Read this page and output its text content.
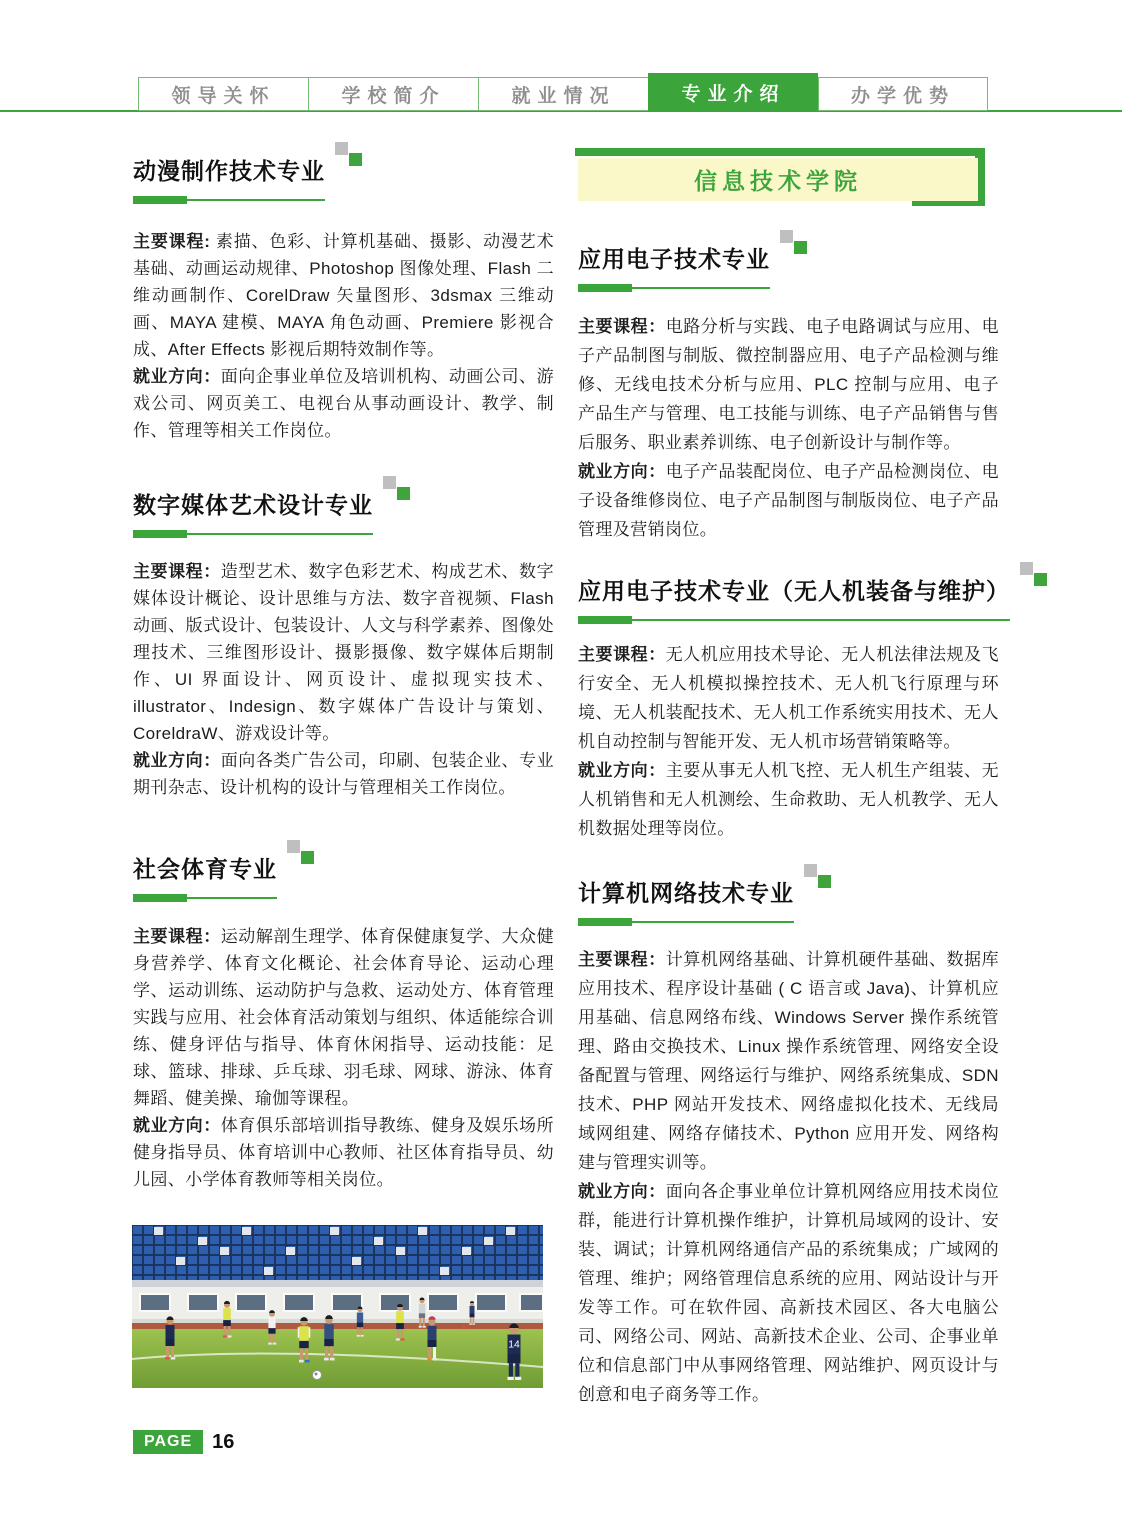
领导关怀	学校简介	就业情况	专业介绍	办学优势
动漫制作技术专业

主要课程: 素描、色彩、计算机基础、摄影、动漫艺术基础、动画运动规律、Photoshop 图像处理、Flash 二维动画制作、CorelDraw 矢量图形、3dsmax 三维动画、MAYA 建模、MAYA 角色动画、Premiere 影视合成、After Effects 影视后期特效制作等。

就业方向：面向企事业单位及培训机构、动画公司、游戏公司、网页美工、电视台从事动画设计、教学、制作、管理等相关工作岗位。

数字媒体艺术设计专业

主要课程：造型艺术、数字色彩艺术、构成艺术、数字媒体设计概论、设计思维与方法、数字音视频、Flash 动画、版式设计、包装设计、人文与科学素养、图像处理技术、三维图形设计、摄影摄像、数字媒体后期制作、UI 界面设计、网页设计、虚拟现实技术、illustrator、Indesign、数字媒体广告设计与策划、CoreldraW、游戏设计等。

就业方向：面向各类广告公司，印刷、包装企业、专业期刊杂志、设计机构的设计与管理相关工作岗位。

社会体育专业

主要课程：运动解剖生理学、体育保健康复学、大众健身营养学、体育文化概论、社会体育导论、运动心理学、运动训练、运动防护与急救、运动处方、体育管理实践与应用、社会体育活动策划与组织、体适能综合训练、健身评估与指导、体育休闲指导、运动技能：足球、篮球、排球、乒乓球、羽毛球、网球、游泳、体育舞蹈、健美操、瑜伽等课程。

就业方向：体育俱乐部培训指导教练、健身及娱乐场所健身指导员、体育培训中心教师、社区体育指导员、幼儿园、小学体育教师等相关岗位。

14
PAGE	16
信息技术学院
应用电子技术专业

主要课程：电路分析与实践、电子电路调试与应用、电子产品制图与制版、微控制器应用、电子产品检测与维修、无线电技术分析与应用、PLC 控制与应用、电子产品生产与管理、电工技能与训练、电子产品销售与售后服务、职业素养训练、电子创新设计与制作等。

就业方向：电子产品装配岗位、电子产品检测岗位、电子设备维修岗位、电子产品制图与制版岗位、电子产品管理及营销岗位。

应用电子技术专业（无人机装备与维护）

主要课程：无人机应用技术导论、无人机法律法规及飞行安全、无人机模拟操控技术、无人机飞行原理与环境、无人机装配技术、无人机工作系统实用技术、无人机自动控制与智能开发、无人机市场营销策略等。

就业方向：主要从事无人机飞控、无人机生产组装、无人机销售和无人机测绘、生命救助、无人机教学、无人机数据处理等岗位。

计算机网络技术专业

主要课程：计算机网络基础、计算机硬件基础、数据库应用技术、程序设计基础 ( C 语言或 Java)、计算机应用基础、信息网络布线、Windows Server 操作系统管理、路由交换技术、Linux 操作系统管理、网络安全设备配置与管理、网络运行与维护、网络系统集成、SDN 技术、PHP 网站开发技术、网络虚拟化技术、无线局域网组建、网络存储技术、Python 应用开发、网络构建与管理实训等。

就业方向：面向各企事业单位计算机网络应用技术岗位群，能进行计算机操作维护，计算机局域网的设计、安装、调试；计算机网络通信产品的系统集成；广域网的管理、维护；网络管理信息系统的应用、网站设计与开发等工作。可在软件园、高新技术园区、各大电脑公司、网络公司、网站、高新技术企业、公司、企事业单位和信息部门中从事网络管理、网站维护、网页设计与创意和电子商务等工作。
